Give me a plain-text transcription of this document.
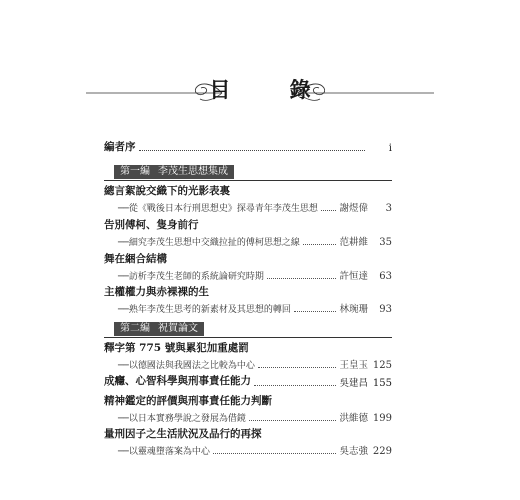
目 錄
編者序	i
第一編 李茂生思想集成
總言絮說交織下的光影表裏
──從《戰後日本行刑思想史》探尋青年李茂生思想 謝煜偉	3
告別傅柯、隻身前行
──細究李茂生思想中交織拉扯的傅柯思想之線	范耕維	35
舞在綑合結構
──訪析李茂生老師的系統論研究時期	許恒達	63
主權權力與赤裸裸的生
──熟年李茂生思考的新素材及其思想的轉回	林琬珊	93
第二編 祝賀論文
釋字第 775 號與累犯加重處罰
──以德國法與我國法之比較為中心	王皇玉 125
成癮、心智科學與刑事責任能力	吳建昌 155
精神鑑定的評價與刑事責任能力判斷
──以日本實務學說之發展為借鏡	洪維德 199
量刑因子之生活狀況及品行的再探
──以靈魂墮落案為中心	吳志強 229
